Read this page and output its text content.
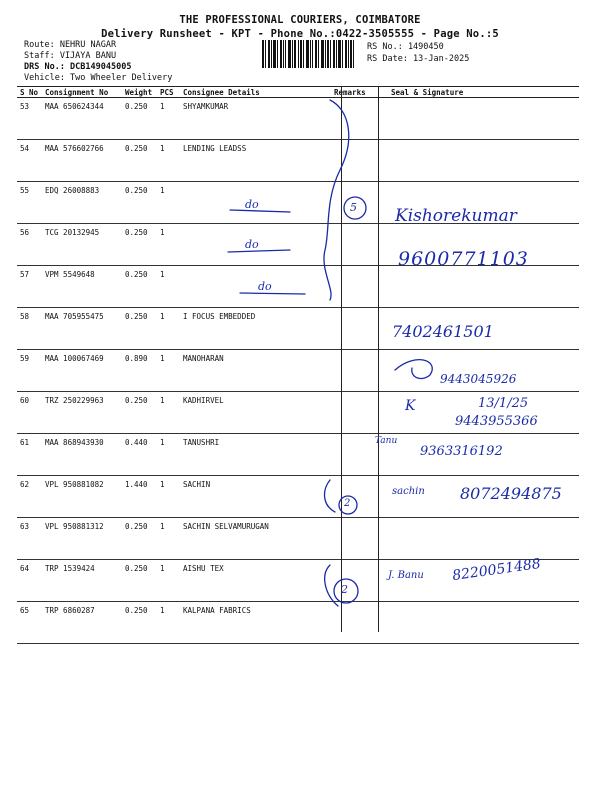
THE PROFESSIONAL COURIERS, COIMBATORE
Delivery Runsheet - KPT - Phone No.:0422-3505555 - Page No.:5
Route: NEHRU NAGAR
Staff: VIJAYA BANU
DRS No.: DCB149045005
Vehicle: Two Wheeler Delivery
RS No.: 1490450
RS Date: 13-Jan-2025
S No	Consignment No	Weight	PCS	Consignee Details	Remarks	Seal & Signature
53	MAA 650624344	0.250	1	SHYAMKUMAR		
54	MAA 576602766	0.250	1	LENDING LEADSS		
55	EDQ 26008883	0.250	1			
56	TCG 20132945	0.250	1			
57	VPM 5549648	0.250	1			
58	MAA 705955475	0.250	1	I FOCUS EMBEDDED		
59	MAA 100067469	0.890	1	MANOHARAN		
60	TRZ 250229963	0.250	1	KADHIRVEL		
61	MAA 868943930	0.440	1	TANUSHRI		
62	VPL 950881082	1.440	1	SACHIN		
63	VPL 950881312	0.250	1	SACHIN SELVAMURUGAN		
64	TRP 1539424	0.250	1	AISHU TEX		
65	TRP 6860287	0.250	1	KALPANA FABRICS		
do
do
do
5
2
2
Kishorekumar
9600771103
7402461501
9443045926
K	13/1/25
9443955366
Tanu
9363316192
sachin 8072494875
J. Banu 8220051488
